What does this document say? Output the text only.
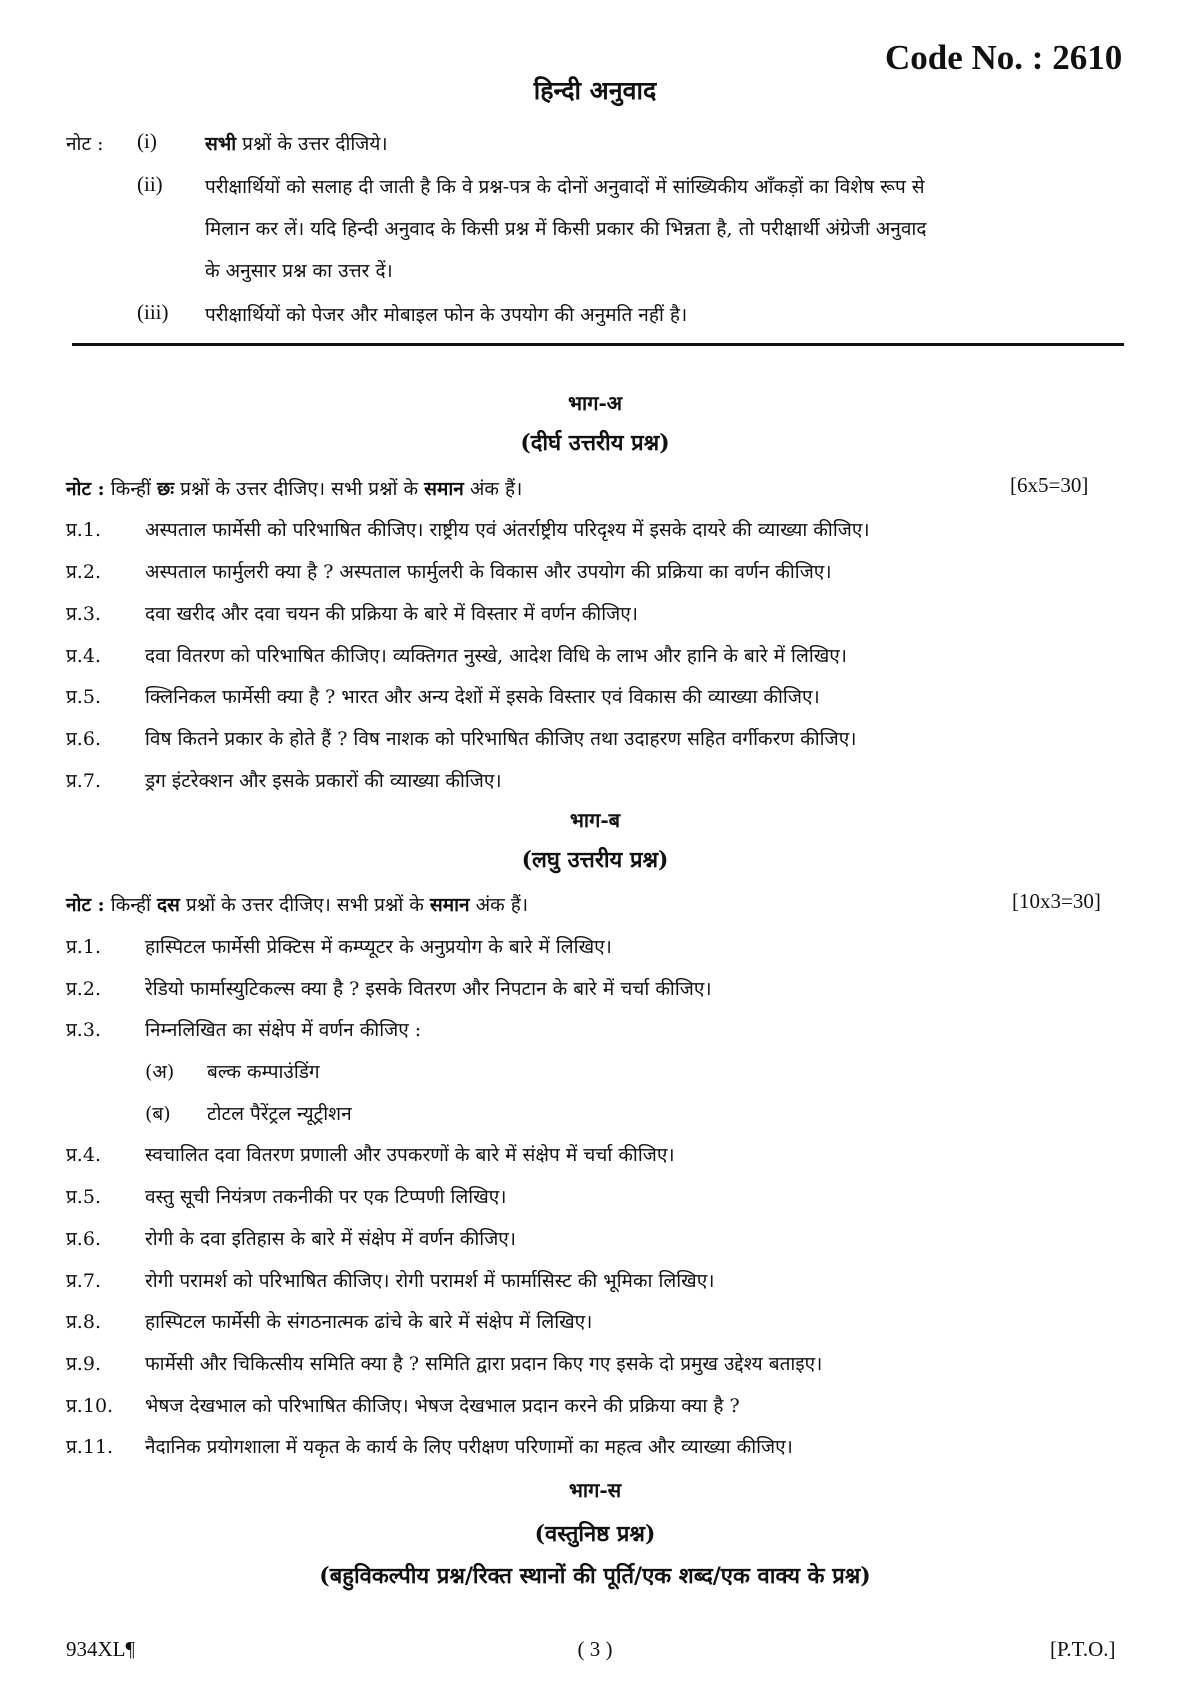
Code No. : 2610
हिन्दी अनुवाद
नोट : (i)	सभी प्रश्नों के उत्तर दीजिये।
(ii) परीक्षार्थियों को सलाह दी जाती है कि वे प्रश्न-पत्र के दोनों अनुवादों में सांख्यिकीय आँकड़ों का विशेष रूप से
मिलान कर लें। यदि हिन्दी अनुवाद के किसी प्रश्न में किसी प्रकार की भिन्नता है, तो परीक्षार्थी अंग्रेजी अनुवाद
के अनुसार प्रश्न का उत्तर दें।
(iii) परीक्षार्थियों को पेजर और मोबाइल फोन के उपयोग की अनुमति नहीं है।
भाग-अ
(दीर्घ उत्तरीय प्रश्न)
नोट : किन्हीं छः प्रश्नों के उत्तर दीजिए। सभी प्रश्नों के समान अंक हैं।	[6x5=30]
प्र.1. अस्पताल फार्मेसी को परिभाषित कीजिए। राष्ट्रीय एवं अंतर्राष्ट्रीय परिदृश्य में इसके दायरे की व्याख्या कीजिए।
प्र.2. अस्पताल फार्मुलरी क्या है ? अस्पताल फार्मुलरी के विकास और उपयोग की प्रक्रिया का वर्णन कीजिए।
प्र.3. दवा खरीद और दवा चयन की प्रक्रिया के बारे में विस्तार में वर्णन कीजिए।
प्र.4. दवा वितरण को परिभाषित कीजिए। व्यक्तिगत नुस्खे, आदेश विधि के लाभ और हानि के बारे में लिखिए।
प्र.5. क्लिनिकल फार्मेसी क्या है ? भारत और अन्य देशों में इसके विस्तार एवं विकास की व्याख्या कीजिए।
प्र.6. विष कितने प्रकार के होते हैं ? विष नाशक को परिभाषित कीजिए तथा उदाहरण सहित वर्गीकरण कीजिए।
प्र.7. ड्रग इंटरेक्शन और इसके प्रकारों की व्याख्या कीजिए।
भाग-ब
(लघु उत्तरीय प्रश्न)
नोट : किन्हीं दस प्रश्नों के उत्तर दीजिए। सभी प्रश्नों के समान अंक हैं।	[10x3=30]
प्र.1. हास्पिटल फार्मेसी प्रेक्टिस में कम्प्यूटर के अनुप्रयोग के बारे में लिखिए।
प्र.2. रेडियो फार्मास्युटिकल्स क्या है ? इसके वितरण और निपटान के बारे में चर्चा कीजिए।
प्र.3. निम्नलिखित का संक्षेप में वर्णन कीजिए :
(अ) बल्क कम्पाउंडिंग
(ब) टोटल पैरेंट्रल न्यूट्रीशन
प्र.4. स्वचालित दवा वितरण प्रणाली और उपकरणों के बारे में संक्षेप में चर्चा कीजिए।
प्र.5. वस्तु सूची नियंत्रण तकनीकी पर एक टिप्पणी लिखिए।
प्र.6. रोगी के दवा इतिहास के बारे में संक्षेप में वर्णन कीजिए।
प्र.7. रोगी परामर्श को परिभाषित कीजिए। रोगी परामर्श में फार्मासिस्ट की भूमिका लिखिए।
प्र.8. हास्पिटल फार्मेसी के संगठनात्मक ढांचे के बारे में संक्षेप में लिखिए।
प्र.9. फार्मेसी और चिकित्सीय समिति क्या है ? समिति द्वारा प्रदान किए गए इसके दो प्रमुख उद्देश्य बताइए।
प्र.10. भेषज देखभाल को परिभाषित कीजिए। भेषज देखभाल प्रदान करने की प्रक्रिया क्या है ?
प्र.11. नैदानिक प्रयोगशाला में यकृत के कार्य के लिए परीक्षण परिणामों का महत्व और व्याख्या कीजिए।
भाग-स
(वस्तुनिष्ठ प्रश्न)
(बहुविकल्पीय प्रश्न/रिक्त स्थानों की पूर्ति/एक शब्द/एक वाक्य के प्रश्न)
934XL¶	( 3 )	[P.T.O.]
